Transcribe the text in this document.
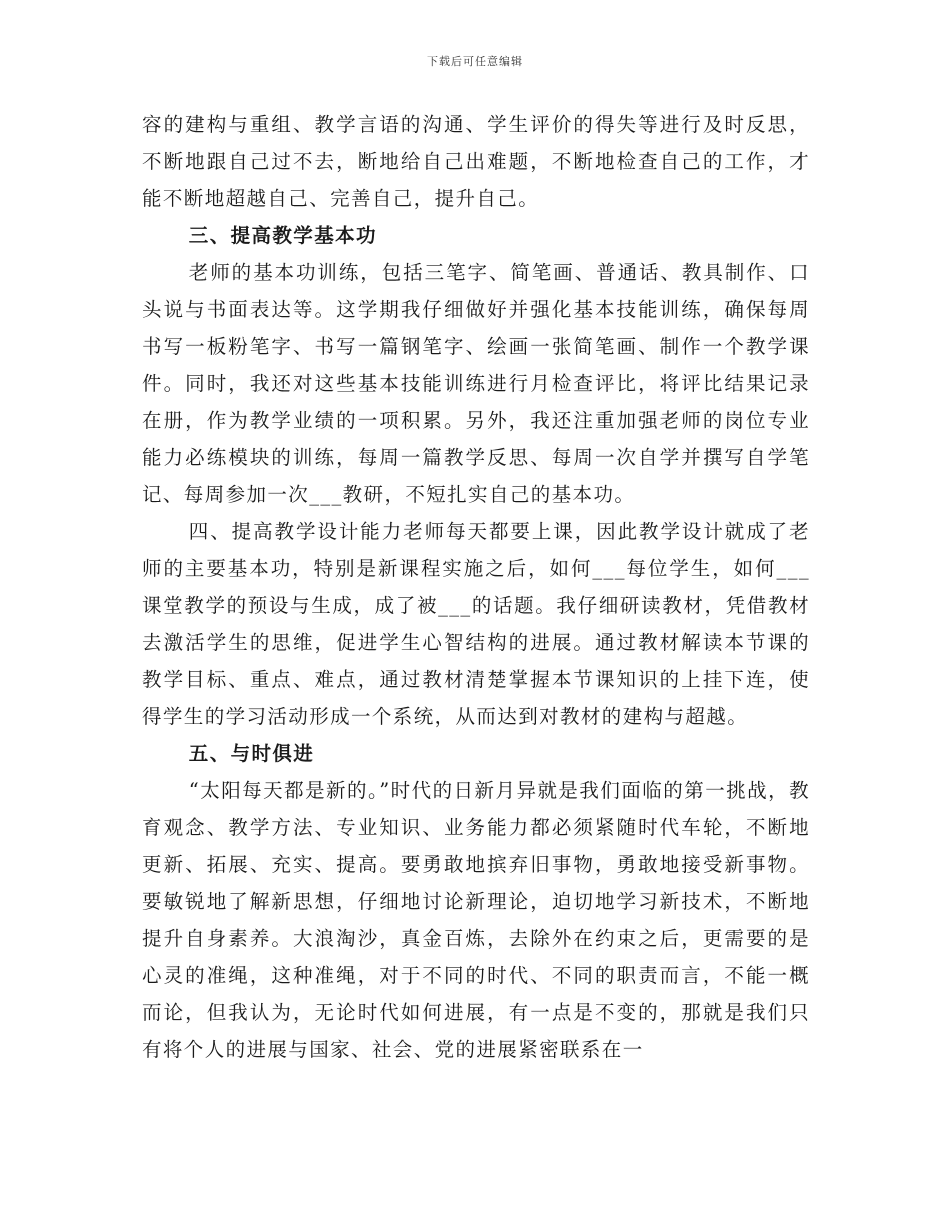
下载后可任意编辑

容的建构与重组、教学言语的沟通、学生评价的得失等进行及时反思，不断地跟自己过不去，断地给自己出难题，不断地检查自己的工作，才能不断地超越自己、完善自己，提升自己。

三、提高教学基本功

老师的基本功训练，包括三笔字、简笔画、普通话、教具制作、口头说与书面表达等。这学期我仔细做好并强化基本技能训练，确保每周书写一板粉笔字、书写一篇钢笔字、绘画一张简笔画、制作一个教学课件。同时，我还对这些基本技能训练进行月检查评比，将评比结果记录在册，作为教学业绩的一项积累。另外，我还注重加强老师的岗位专业能力必练模块的训练，每周一篇教学反思、每周一次自学并撰写自学笔记、每周参加一次___教研，不短扎实自己的基本功。

四、提高教学设计能力老师每天都要上课，因此教学设计就成了老师的主要基本功，特别是新课程实施之后，如何___每位学生，如何___课堂教学的预设与生成，成了被___的话题。我仔细研读教材，凭借教材去激活学生的思维，促进学生心智结构的进展。通过教材解读本节课的教学目标、重点、难点，通过教材清楚掌握本节课知识的上挂下连，使得学生的学习活动形成一个系统，从而达到对教材的建构与超越。

五、与时俱进

“太阳每天都是新的。”时代的日新月异就是我们面临的第一挑战，教育观念、教学方法、专业知识、业务能力都必须紧随时代车轮，不断地更新、拓展、充实、提高。要勇敢地摈弃旧事物，勇敢地接受新事物。要敏锐地了解新思想，仔细地讨论新理论，迫切地学习新技术，不断地提升自身素养。大浪淘沙，真金百炼，去除外在约束之后，更需要的是心灵的准绳，这种准绳，对于不同的时代、不同的职责而言，不能一概而论，但我认为，无论时代如何进展，有一点是不变的，那就是我们只有将个人的进展与国家、社会、党的进展紧密联系在一
